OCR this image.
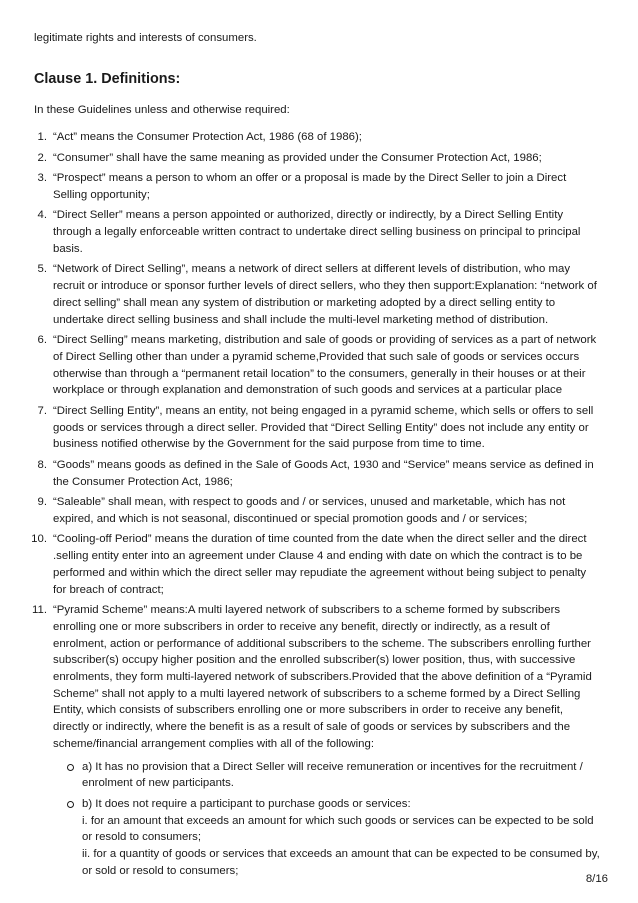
legitimate rights and interests of consumers.

Clause 1. Definitions:

In these Guidelines unless and otherwise required:

1. “Act” means the Consumer Protection Act, 1986 (68 of 1986);
2. “Consumer” shall have the same meaning as provided under the Consumer Protection Act, 1986;
3. “Prospect” means a person to whom an offer or a proposal is made by the Direct Seller to join a Direct Selling opportunity;
4. “Direct Seller” means a person appointed or authorized, directly or indirectly, by a Direct Selling Entity through a legally enforceable written contract to undertake direct selling business on principal to principal basis.
5. “Network of Direct Selling”, means a network of direct sellers at different levels of distribution, who may recruit or introduce or sponsor further levels of direct sellers, who they then support:Explanation: “network of direct selling” shall mean any system of distribution or marketing adopted by a direct selling entity to undertake direct selling business and shall include the multi-level marketing method of distribution.
6. “Direct Selling” means marketing, distribution and sale of goods or providing of services as a part of network of Direct Selling other than under a pyramid scheme,Provided that such sale of goods or services occurs otherwise than through a “permanent retail location” to the consumers, generally in their houses or at their workplace or through explanation and demonstration of such goods and services at a particular place
7. “Direct Selling Entity”, means an entity, not being engaged in a pyramid scheme, which sells or offers to sell goods or services through a direct seller. Provided that “Direct Selling Entity” does not include any entity or business notified otherwise by the Government for the said purpose from time to time.
8. “Goods” means goods as defined in the Sale of Goods Act, 1930 and “Service” means service as defined in the Consumer Protection Act, 1986;
9. “Saleable” shall mean, with respect to goods and / or services, unused and marketable, which has not expired, and which is not seasonal, discontinued or special promotion goods and / or services;
10. “Cooling-off Period” means the duration of time counted from the date when the direct seller and the direct .selling entity enter into an agreement under Clause 4 and ending with date on which the contract is to be performed and within which the direct seller may repudiate the agreement without being subject to penalty for breach of contract;
11. “Pyramid Scheme” means:A multi layered network of subscribers to a scheme formed by subscribers enrolling one or more subscribers in order to receive any benefit, directly or indirectly, as a result of enrolment, action or performance of additional subscribers to the scheme. The subscribers enrolling further subscriber(s) occupy higher position and the enrolled subscriber(s) lower position, thus, with successive enrolments, they form multi-layered network of subscribers.Provided that the above definition of a “Pyramid Scheme” shall not apply to a multi layered network of subscribers to a scheme formed by a Direct Selling Entity, which consists of subscribers enrolling one or more subscribers in order to receive any benefit, directly or indirectly, where the benefit is as a result of sale of goods or services by subscribers and the scheme/financial arrangement complies with all of the following:
a) It has no provision that a Direct Seller will receive remuneration or incentives for the recruitment / enrolment of new participants.
b) It does not require a participant to purchase goods or services:
i. for an amount that exceeds an amount for which such goods or services can be expected to be sold or resold to consumers;
ii. for a quantity of goods or services that exceeds an amount that can be expected to be consumed by, or sold or resold to consumers;
8/16
